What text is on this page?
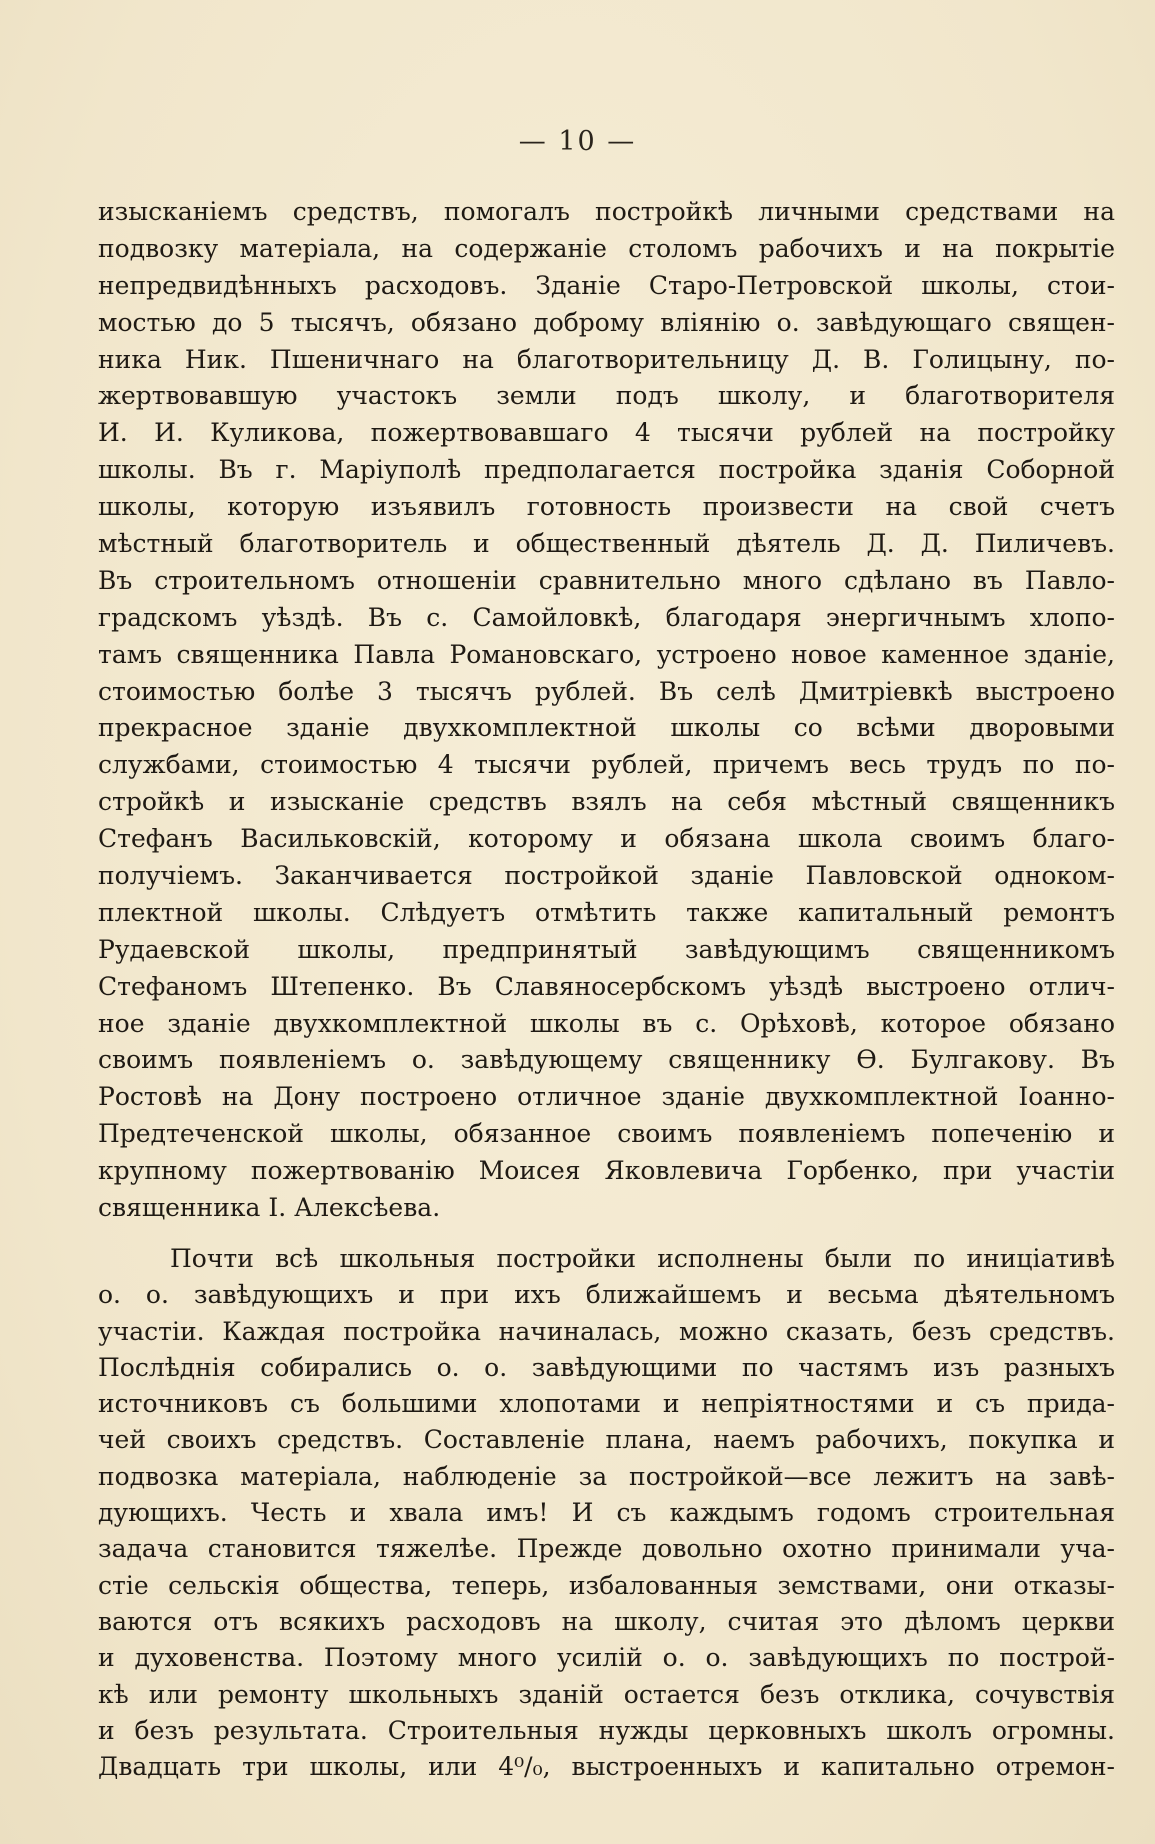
— 10 —
изысканіемъ средствъ, помогалъ постройкѣ личными средствами на
подвозку матеріала, на содержаніе столомъ рабочихъ и на покрытіе
непредвидѣнныхъ расходовъ. Зданіе Старо-Петровской школы, стои-
мостью до 5 тысячъ, обязано доброму вліянію о. завѣдующаго священ-
ника Ник. Пшеничнаго на благотворительницу Д. В. Голицыну, по-
жертвовавшую участокъ земли подъ школу, и благотворителя
И. И. Куликова, пожертвовавшаго 4 тысячи рублей на постройку
школы. Въ г. Маріуполѣ предполагается постройка зданія Соборной
школы, которую изъявилъ готовность произвести на свой счетъ
мѣстный благотворитель и общественный дѣятель Д. Д. Пиличевъ.
Въ строительномъ отношеніи сравнительно много сдѣлано въ Павло-
градскомъ уѣздѣ. Въ с. Самойловкѣ, благодаря энергичнымъ хлопо-
тамъ священника Павла Романовскаго, устроено новое каменное зданіе,
стоимостью болѣе 3 тысячъ рублей. Въ селѣ Дмитріевкѣ выстроено
прекрасное зданіе двухкомплектной школы со всѣми дворовыми
службами, стоимостью 4 тысячи рублей, причемъ весь трудъ по по-
стройкѣ и изысканіе средствъ взялъ на себя мѣстный священникъ
Стефанъ Васильковскій, которому и обязана школа своимъ благо-
получіемъ. Заканчивается постройкой зданіе Павловской одноком-
плектной школы. Слѣдуетъ отмѣтить также капитальный ремонтъ
Рудаевской школы, предпринятый завѣдующимъ священникомъ
Стефаномъ Штепенко. Въ Славяносербскомъ уѣздѣ выстроено отлич-
ное зданіе двухкомплектной школы въ с. Орѣховѣ, которое обязано
своимъ появленіемъ о. завѣдующему священнику Ѳ. Булгакову. Въ
Ростовѣ на Дону построено отличное зданіе двухкомплектной Іоанно-
Предтеченской школы, обязанное своимъ появленіемъ попеченію и
крупному пожертвованію Моисея Яковлевича Горбенко, при участіи
священника І. Алексѣева.
Почти всѣ школьныя постройки исполнены были по иниціативѣ
о. о. завѣдующихъ и при ихъ ближайшемъ и весьма дѣятельномъ
участіи. Каждая постройка начиналась, можно сказать, безъ средствъ.
Послѣднія собирались о. о. завѣдующими по частямъ изъ разныхъ
источниковъ съ большими хлопотами и непріятностями и съ прида-
чей своихъ средствъ. Составленіе плана, наемъ рабочихъ, покупка и
подвозка матеріала, наблюденіе за постройкой—все лежитъ на завѣ-
дующихъ. Честь и хвала имъ! И съ каждымъ годомъ строительная
задача становится тяжелѣе. Прежде довольно охотно принимали уча-
стіе сельскія общества, теперь, избалованныя земствами, они отказы-
ваются отъ всякихъ расходовъ на школу, считая это дѣломъ церкви
и духовенства. Поэтому много усилій о. о. завѣдующихъ по построй-
кѣ или ремонту школьныхъ зданій остается безъ отклика, сочувствія
и безъ результата. Строительныя нужды церковныхъ школъ огромны.
Двадцать три школы, или 4⁰/₀, выстроенныхъ и капитально отремон-
